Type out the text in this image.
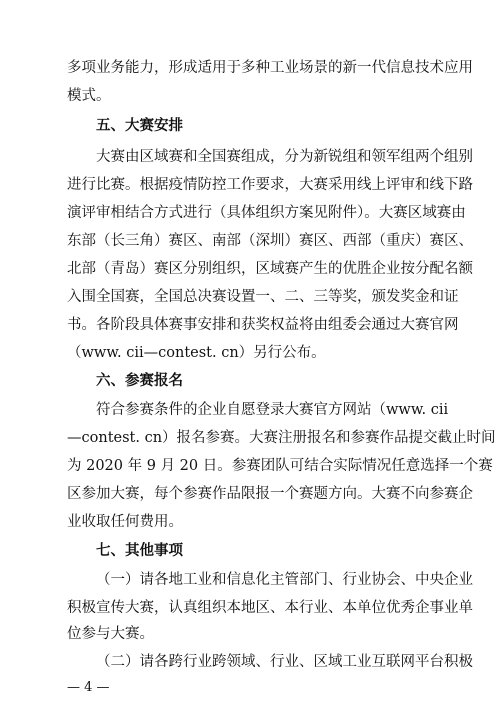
多项业务能力，形成适用于多种工业场景的新一代信息技术应用
模式。
五、大赛安排
大赛由区域赛和全国赛组成，分为新锐组和领军组两个组别
进行比赛。根据疫情防控工作要求，大赛采用线上评审和线下路
演评审相结合方式进行（具体组织方案见附件）。大赛区域赛由
东部（长三角）赛区、南部（深圳）赛区、西部（重庆）赛区、
北部（青岛）赛区分别组织，区域赛产生的优胜企业按分配名额
入围全国赛，全国总决赛设置一、二、三等奖，颁发奖金和证
书。各阶段具体赛事安排和获奖权益将由组委会通过大赛官网
（www. cii—contest. cn）另行公布。
六、参赛报名
符合参赛条件的企业自愿登录大赛官方网站（www. cii
—contest. cn）报名参赛。大赛注册报名和参赛作品提交截止时间
为 2020 年 9 月 20 日。参赛团队可结合实际情况任意选择一个赛
区参加大赛，每个参赛作品限报一个赛题方向。大赛不向参赛企
业收取任何费用。
七、其他事项
（一）请各地工业和信息化主管部门、行业协会、中央企业
积极宣传大赛，认真组织本地区、本行业、本单位优秀企事业单
位参与大赛。
（二）请各跨行业跨领域、行业、区域工业互联网平台积极
— 4 —
